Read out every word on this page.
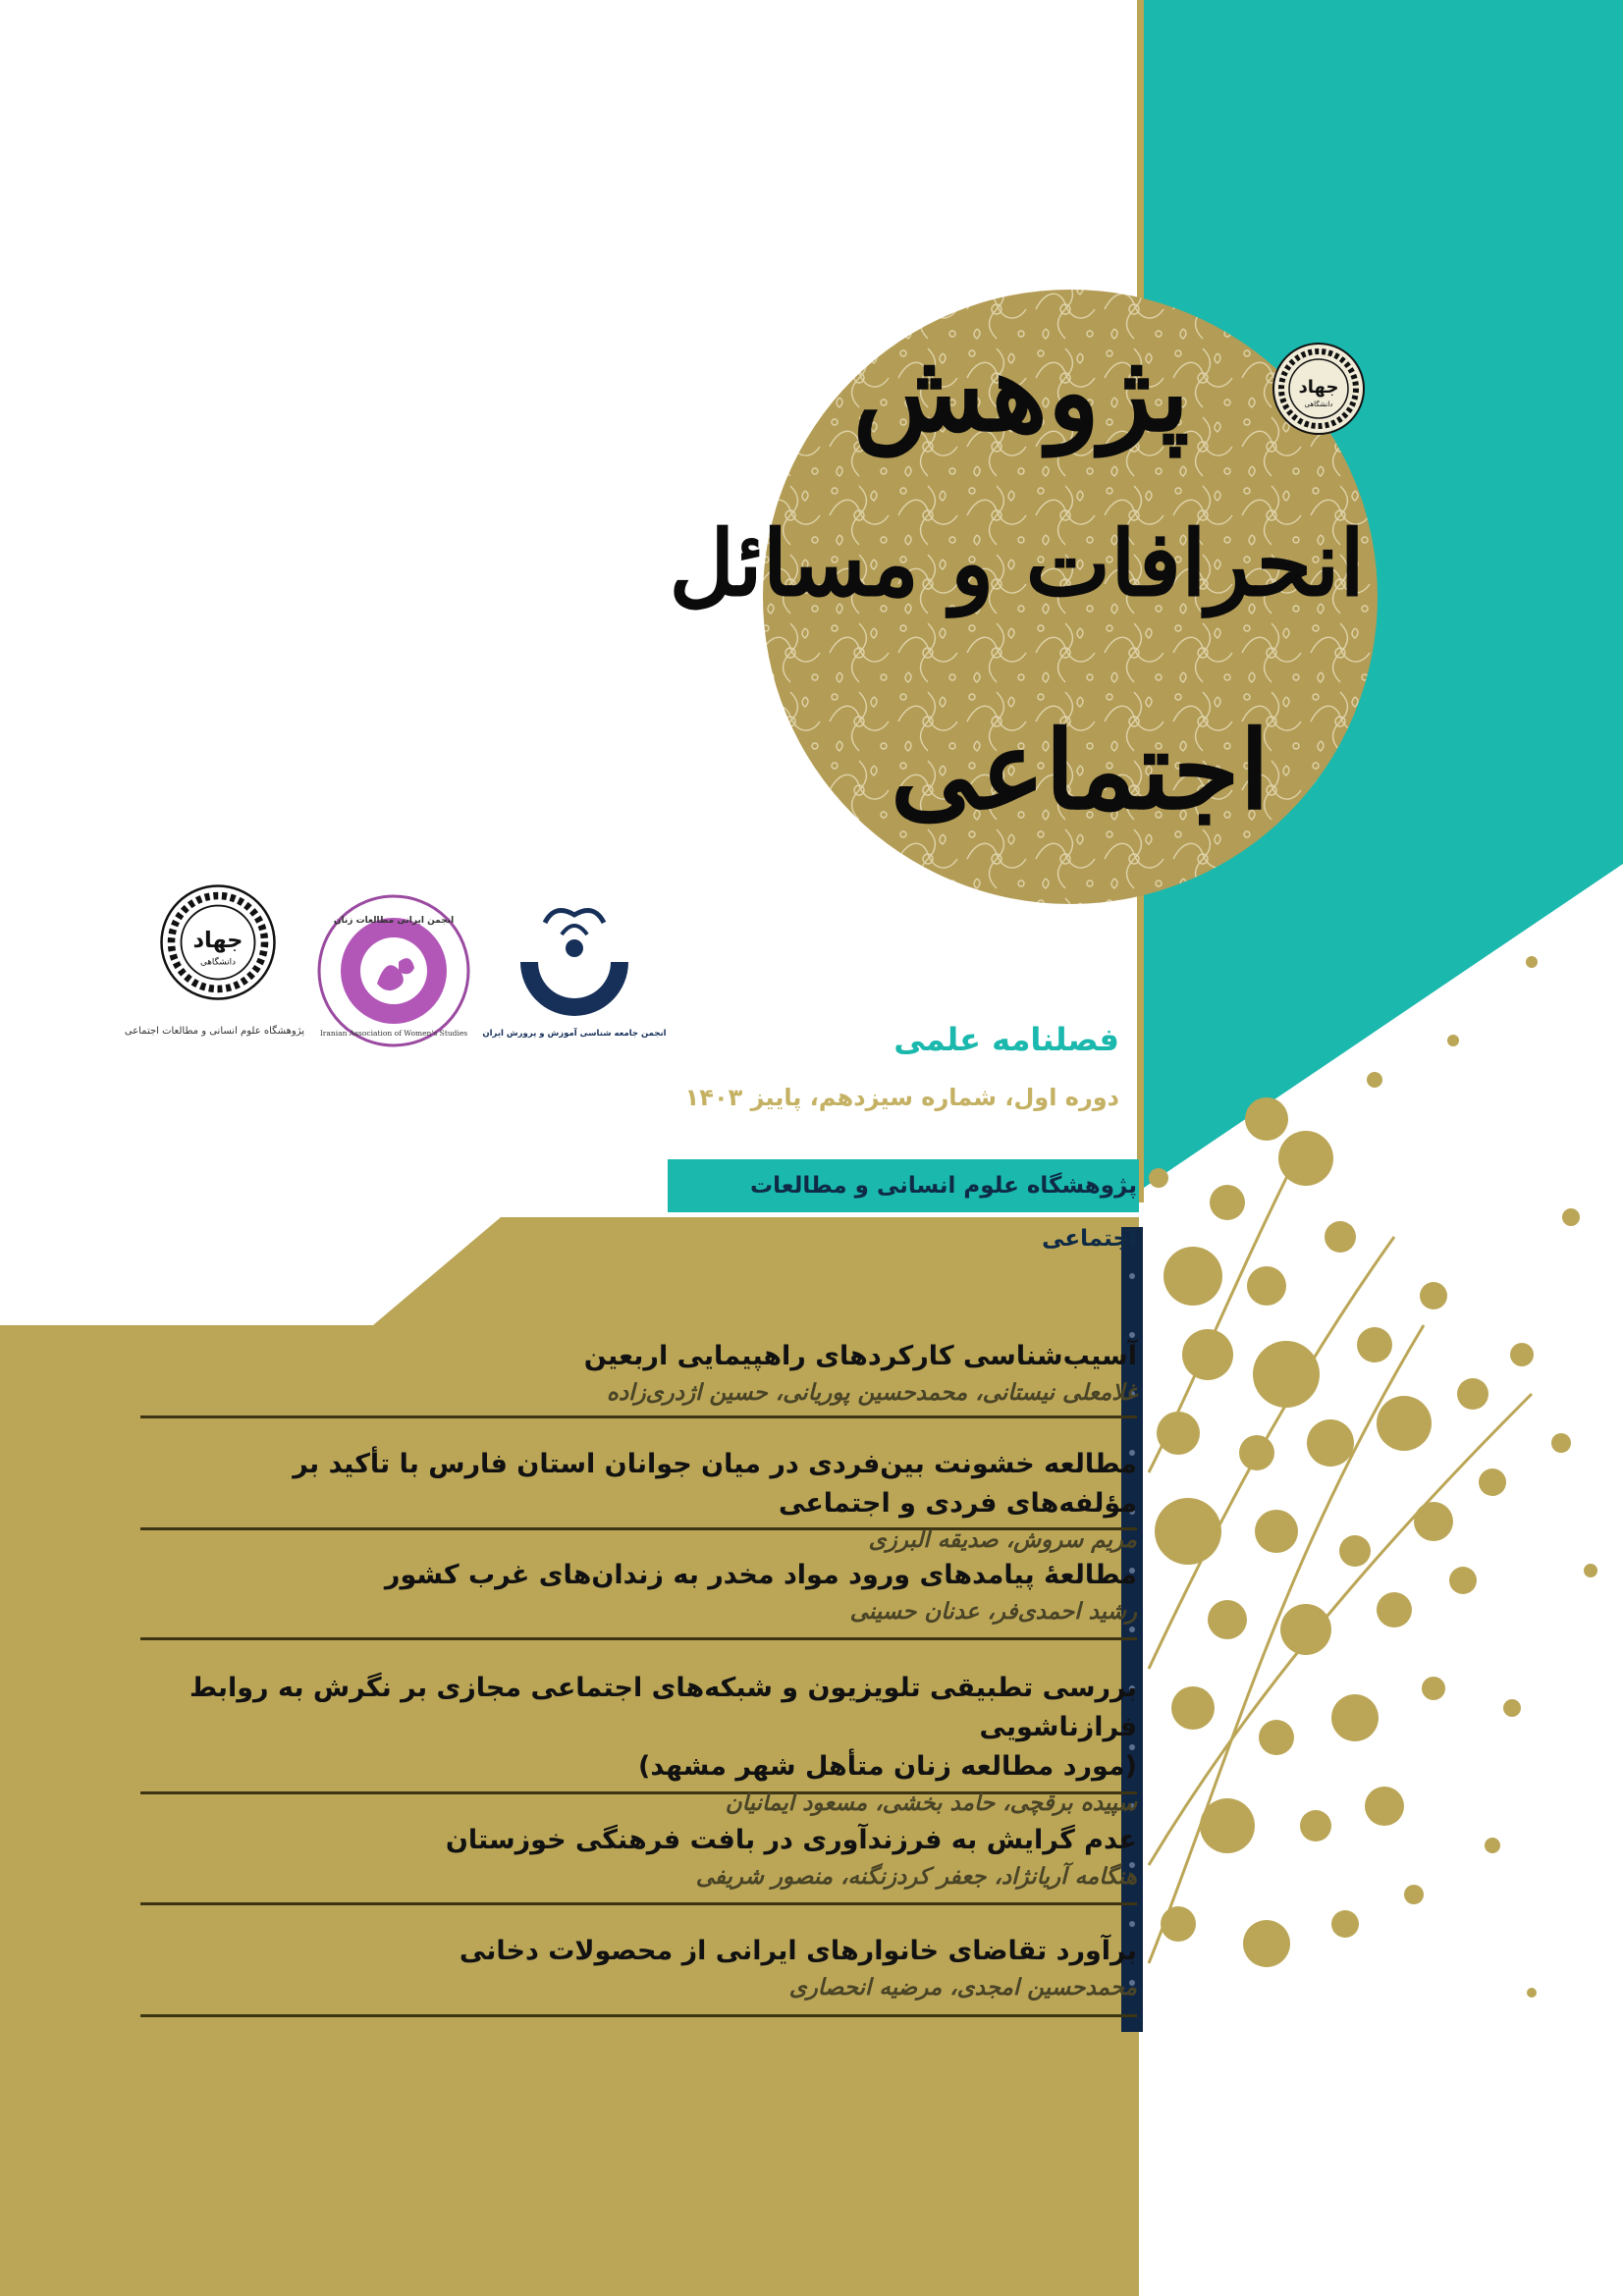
پژوهش
انحرافات و مسائل
اجتماعی
جهاد
دانشگاهی
جهاد
دانشگاهی
پژوهشگاه علوم انسانی و مطالعات اجتماعی
انجمن ایرانی مطالعات زنان
Iranian Association of Women's Studies انجمن جامعه شناسی آموزش و پرورش ایران	فصلنامه علمی
دوره اول، شماره سیزدهم، پاییز ۱۴۰۳
پژوهشگاه علوم انسانی و مطالعات اجتماعی
آسیب‌شناسی کارکردهای راهپیمایی اربعین
غلامعلی نیستانی، محمدحسین پوریانی، حسین اژدری‌زاده
مطالعه خشونت بین‌فردی در میان جوانان استان فارس با تأکید بر مؤلفه‌های فردی و اجتماعی
مریم سروش، صدیقه البرزی
مطالعهٔ پیامدهای ورود مواد مخدر به زندان‌های غرب کشور
رشید احمدی‌فر، عدنان حسینی
بررسی تطبیقی تلویزیون و شبکه‌های اجتماعی مجازی بر نگرش به روابط فرازناشویی
(مورد مطالعه زنان متأهل شهر مشهد)
سپیده برقچی، حامد بخشی، مسعود ایمانیان
عدم گرایش به فرزندآوری در بافت فرهنگی خوزستان
هنگامه آریانژاد، جعفر کردزنگنه، منصور شریفی
برآورد تقاضای خانوارهای ایرانی از محصولات دخانی
محمدحسین امجدی، مرضیه انحصاری
